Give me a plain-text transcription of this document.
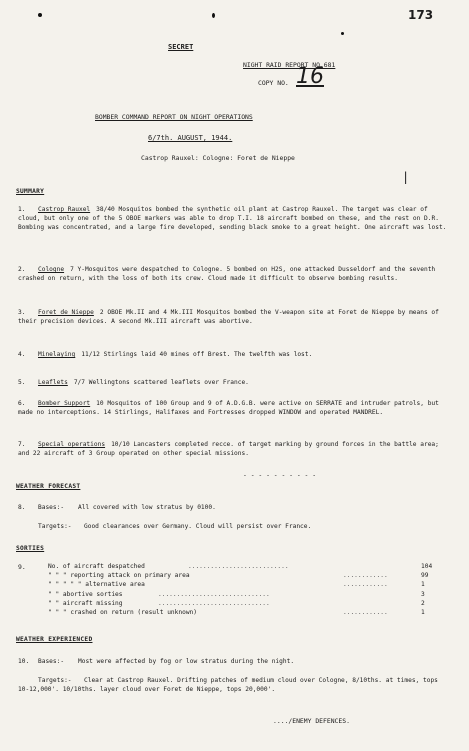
|
173
SECRET
NIGHT RAID REPORT NO.681
COPY NO. 16
BOMBER COMMAND REPORT ON NIGHT OPERATIONS
6/7th. AUGUST, 1944.
Castrop Rauxel: Cologne: Foret de Nieppe
SUMMARY
1. Castrop Rauxel 38/40 Mosquitos bombed the synthetic oil plant at Castrop Rauxel. The target was clear of cloud, but only one of the 5 OBOE markers was able to drop T.I. 18 aircraft bombed on these, and the rest on D.R. Bombing was concentrated, and a large fire developed, sending black smoke to a great height. One aircraft was lost.
2. Cologne 7 Y-Mosquitos were despatched to Cologne. 5 bombed on H2S, one attacked Dusseldorf and the seventh crashed on return, with the loss of both its crew. Cloud made it difficult to observe bombing results.
3. Foret de Nieppe 2 OBOE Mk.II and 4 Mk.III Mosquitos bombed the V-weapon site at Foret de Nieppe by means of their precision devices. A second Mk.III aircraft was abortive.
4. Minelaying 11/12 Stirlings laid 40 mines off Brest. The twelfth was lost.
5. Leaflets 7/7 Wellingtons scattered leaflets over France.
6. Bomber Support 10 Mosquitos of 100 Group and 9 of A.D.G.B. were active on SERRATE and intruder patrols, but made no interceptions. 14 Stirlings, Halifaxes and Fortresses dropped WINDOW and operated MANDREL.
7. Special operations 10/10 Lancasters completed recce. of target marking by ground forces in the battle area; and 22 aircraft of 3 Group operated on other special missions.
- - - - - - - - - -
WEATHER FORECAST
8. Bases:- All covered with low stratus by 0100.
Targets:- Good clearances over Germany. Cloud will persist over France.
SORTIES
9.	No. of aircraft despatched	...........................	104
" " " reporting attack on primary area	............	99
" " " " " alternative area	............	1
" " abortive sorties	..............................	3
" " aircraft missing	..............................	2
" " " crashed on return (result unknown)	............	1
WEATHER EXPERIENCED
10. Bases:- Most were affected by fog or low stratus during the night.
Targets:- Clear at Castrop Rauxel. Drifting patches of medium cloud over Cologne, 8/10ths. at times, tops 10-12,000'. 10/10ths. layer cloud over Foret de Nieppe, tops 20,000'.
..../ENEMY DEFENCES.
